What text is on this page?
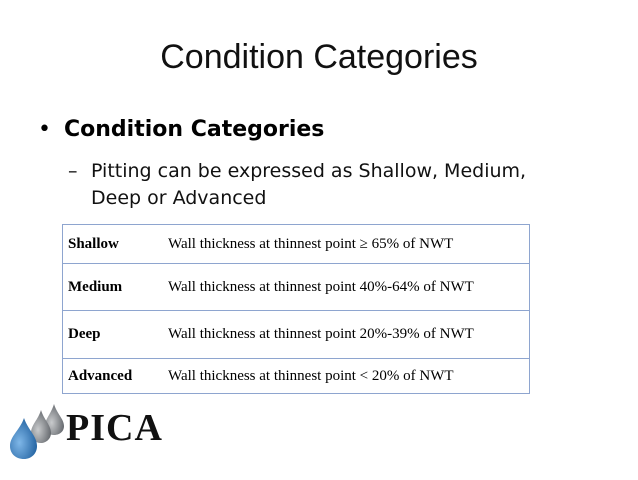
Condition Categories
• Condition Categories
– Pitting can be expressed as Shallow, Medium, Deep or Advanced
Shallow	Wall thickness at thinnest point ≥ 65% of NWT
Medium	Wall thickness at thinnest point 40%-64% of NWT
Deep	Wall thickness at thinnest point 20%-39% of NWT
Advanced	Wall thickness at thinnest point < 20% of NWT
PICA
